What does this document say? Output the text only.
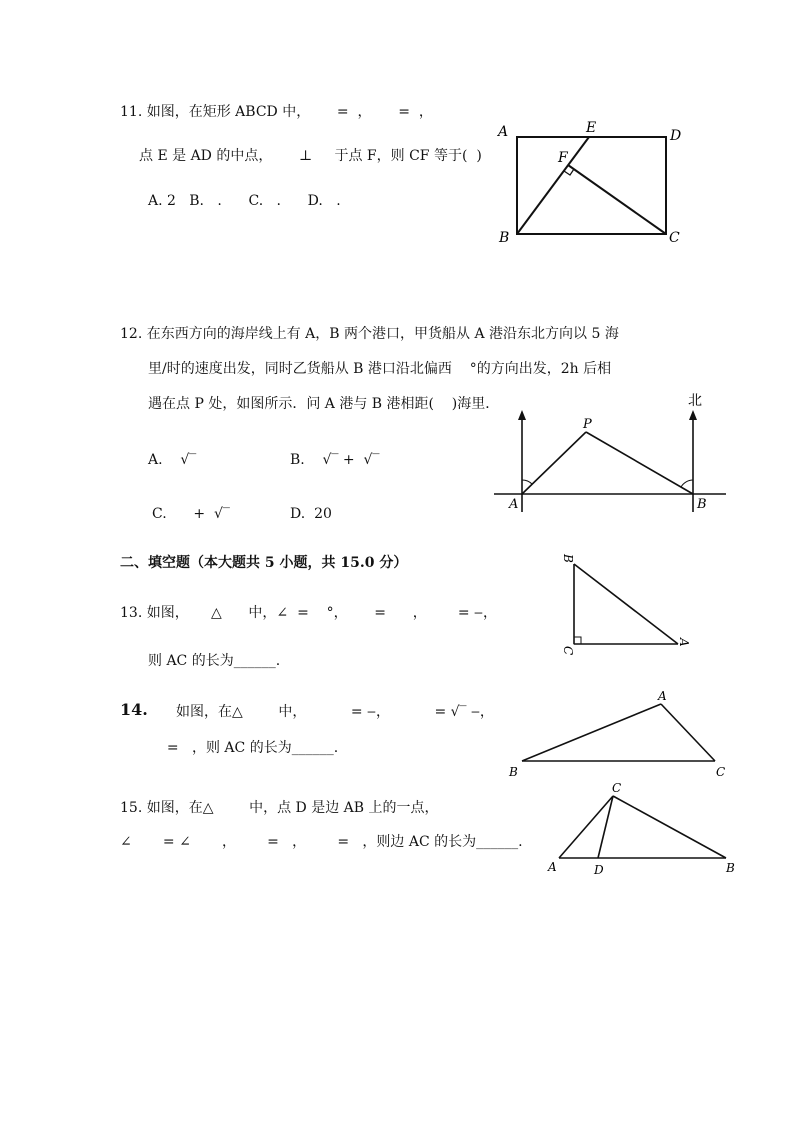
11. 如图，在矩形 ABCD 中，      =  ，      =  ，
点 E 是 AD 的中点，      ⊥     于点 F，则 CF 等于(  )
A. 2   B.   .      C.   .      D.   .
A	E	D
F
B	C
12. 在东西方向的海岸线上有 A，B 两个港口，甲货船从 A 港沿东北方向以 5 海
里/时的速度出发，同时乙货船从 B 港口沿北偏西    °的方向出发，2h 后相
遇在点 P 处，如图所示．问 A 港与 B 港相距(    )海里．
A.    √‾	B.    √‾ +  √‾
C.      +  √‾	D.  20
北
P
A	B
二、填空题（本大题共 5 小题，共 15.0 分）
13. 如图，     △      中，∠  =    °，      =      ，       = ‒，
则 AC 的长为______.
B
C
A
14. 如图，在△        中，          = ‒，          = √‾ ‒，
=   ，则 AC 的长为______.
A
B	C
15. 如图，在△        中，点 D 是边 AB 上的一点，
∠       = ∠       ，       =   ，       =   ，则边 AC 的长为______.
C
A	D	B
